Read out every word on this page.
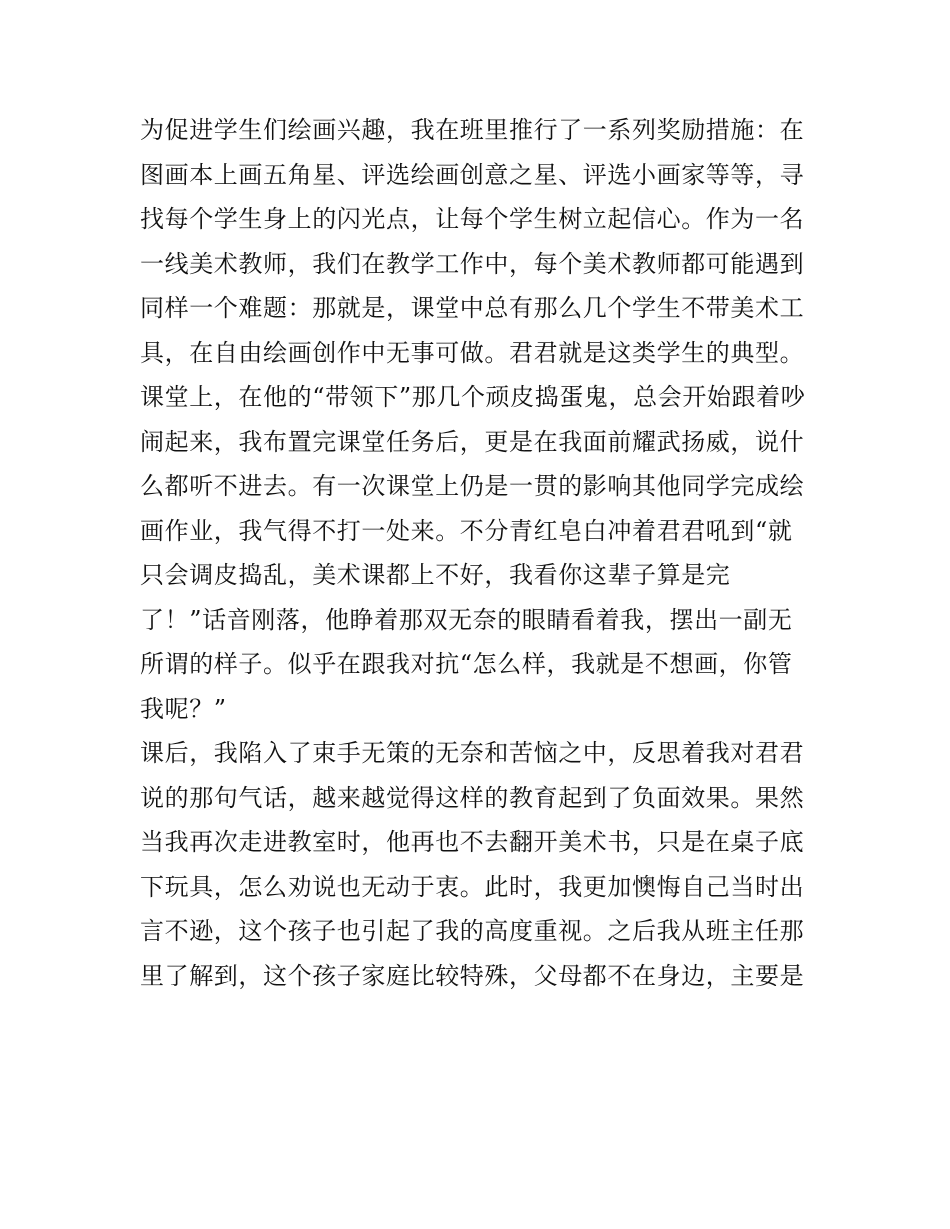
为促进学生们绘画兴趣，我在班里推行了一系列奖励措施：在
图画本上画五角星、评选绘画创意之星、评选小画家等等，寻
找每个学生身上的闪光点，让每个学生树立起信心。作为一名
一线美术教师，我们在教学工作中，每个美术教师都可能遇到
同样一个难题：那就是，课堂中总有那么几个学生不带美术工
具，在自由绘画创作中无事可做。君君就是这类学生的典型。
课堂上，在他的“带领下”那几个顽皮捣蛋鬼，总会开始跟着吵
闹起来，我布置完课堂任务后，更是在我面前耀武扬威，说什
么都听不进去。有一次课堂上仍是一贯的影响其他同学完成绘
画作业，我气得不打一处来。不分青红皂白冲着君君吼到“就
只会调皮捣乱，美术课都上不好，我看你这辈子算是完
了！”话音刚落，他睁着那双无奈的眼睛看着我，摆出一副无
所谓的样子。似乎在跟我对抗“怎么样，我就是不想画，你管
我呢？”
课后，我陷入了束手无策的无奈和苦恼之中，反思着我对君君
说的那句气话，越来越觉得这样的教育起到了负面效果。果然
当我再次走进教室时，他再也不去翻开美术书，只是在桌子底
下玩具，怎么劝说也无动于衷。此时，我更加懊悔自己当时出
言不逊，这个孩子也引起了我的高度重视。之后我从班主任那
里了解到，这个孩子家庭比较特殊，父母都不在身边，主要是
